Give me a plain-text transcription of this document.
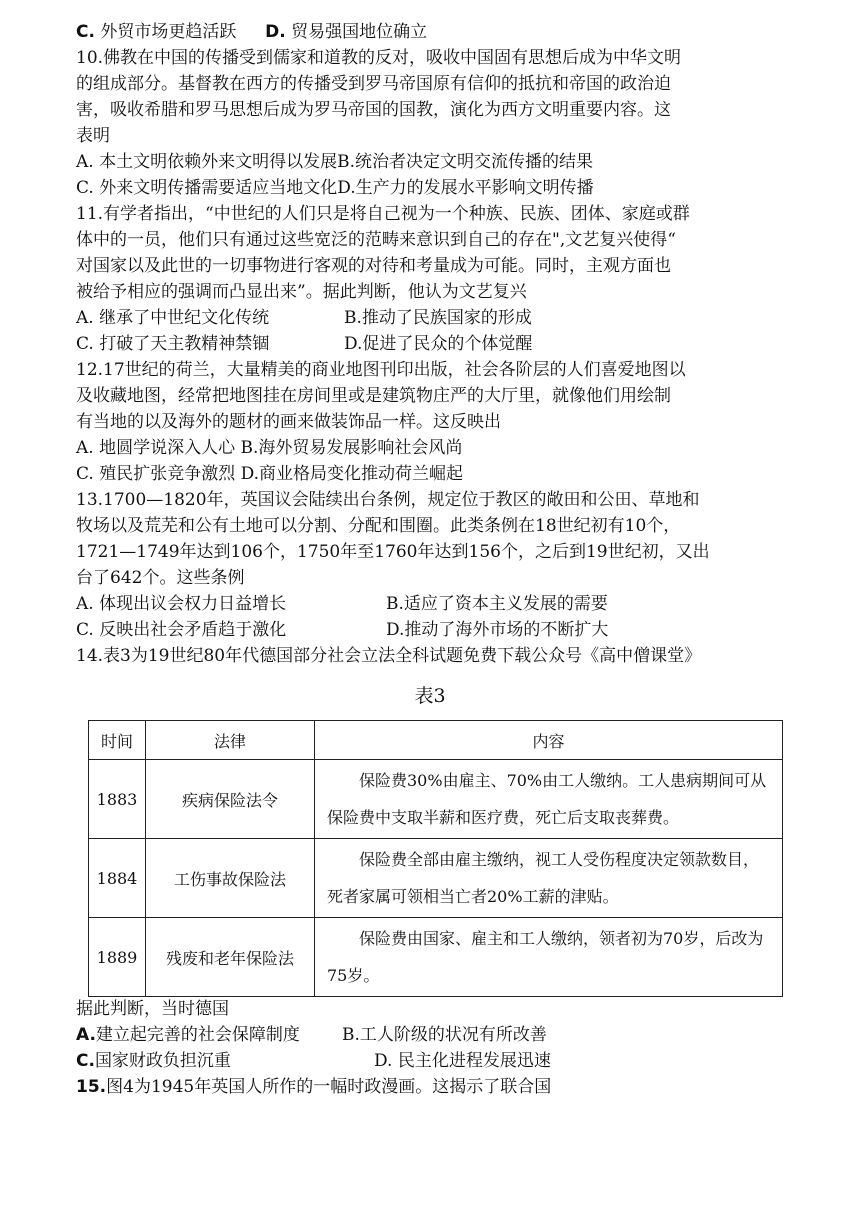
C. 外贸市场更趋活跃 D. 贸易强国地位确立
10.佛教在中国的传播受到儒家和道教的反对，吸收中国固有思想后成为中华文明
的组成部分。基督教在西方的传播受到罗马帝国原有信仰的抵抗和帝国的政治迫
害，吸收希腊和罗马思想后成为罗马帝国的国教，演化为西方文明重要内容。这
表明
A. 本土文明依赖外来文明得以发展B.统治者决定文明交流传播的结果
C. 外来文明传播需要适应当地文化D.生产力的发展水平影响文明传播
11.有学者指出，“中世纪的人们只是将自己视为一个种族、民族、团体、家庭或群
体中的一员，他们只有通过这些宽泛的范畴来意识到自己的存在",文艺复兴使得“
对国家以及此世的一切事物进行客观的对待和考量成为可能。同时，主观方面也
被给予相应的强调而凸显出来”。据此判断，他认为文艺复兴
A. 继承了中世纪文化传统	B.推动了民族国家的形成
C. 打破了天主教精神禁锢	D.促进了民众的个体觉醒
12.17世纪的荷兰，大量精美的商业地图刊印出版，社会各阶层的人们喜爱地图以
及收藏地图，经常把地图挂在房间里或是建筑物庄严的大厅里，就像他们用绘制
有当地的以及海外的题材的画来做装饰品一样。这反映出
A. 地圆学说深入人心 B.海外贸易发展影响社会风尚
C. 殖民扩张竞争激烈 D.商业格局变化推动荷兰崛起
13.1700—1820年，英国议会陆续出台条例，规定位于教区的敞田和公田、草地和
牧场以及荒芜和公有土地可以分割、分配和围圈。此类条例在18世纪初有10个，
1721—1749年达到106个，1750年至1760年达到156个，之后到19世纪初，又出
台了642个。这些条例
A. 体现出议会权力日益增长	B.适应了资本主义发展的需要
C. 反映出社会矛盾趋于激化	D.推动了海外市场的不断扩大
14.表3为19世纪80年代德国部分社会立法全科试题免费下载公众号《高中僧课堂》
表3
时间	法律	内容
1883	疾病保险法令	保险费30%由雇主、70%由工人缴纳。工人患病期间可从保险费中支取半薪和医疗费，死亡后支取丧葬费。
1884	工伤事故保险法	保险费全部由雇主缴纳，视工人受伤程度决定领款数目，死者家属可领相当亡者20%工薪的津贴。
1889	残废和老年保险法	保险费由国家、雇主和工人缴纳，领者初为70岁，后改为75岁。
据此判断，当时德国
A.建立起完善的社会保障制度 B.工人阶级的状况有所改善
C.国家财政负担沉重	D. 民主化进程发展迅速
15.图4为1945年英国人所作的一幅时政漫画。这揭示了联合国
